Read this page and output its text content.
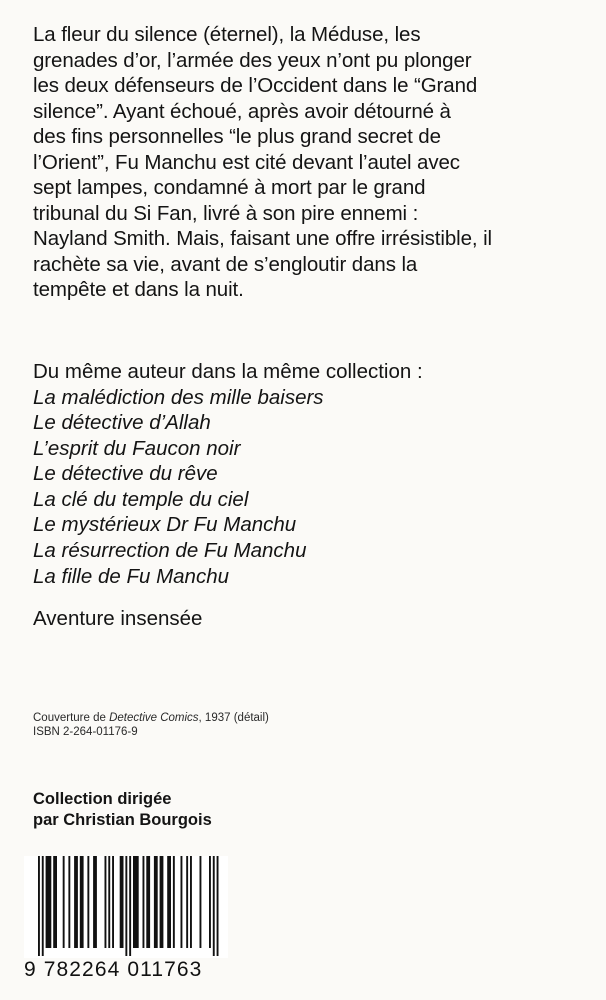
La fleur du silence (éternel), la Méduse, les

grenades d’or, l’armée des yeux n’ont pu plonger

les deux défenseurs de l’Occident dans le “Grand

silence”. Ayant échoué, après avoir détourné à

des fins personnelles “le plus grand secret de

l’Orient”, Fu Manchu est cité devant l’autel avec

sept lampes, condamné à mort par le grand

tribunal du Si Fan, livré à son pire ennemi :

Nayland Smith. Mais, faisant une offre irrésistible, il

rachète sa vie, avant de s’engloutir dans la

tempête et dans la nuit.

Du même auteur dans la même collection :
La malédiction des mille baisers
Le détective d’Allah
L’esprit du Faucon noir
Le détective du rêve
La clé du temple du ciel
Le mystérieux Dr Fu Manchu
La résurrection de Fu Manchu
La fille de Fu Manchu
Aventure insensée
Couverture de Detective Comics, 1937 (détail)
ISBN 2-264-01176-9
Collection dirigée
par Christian Bourgois
9 782264 011763
